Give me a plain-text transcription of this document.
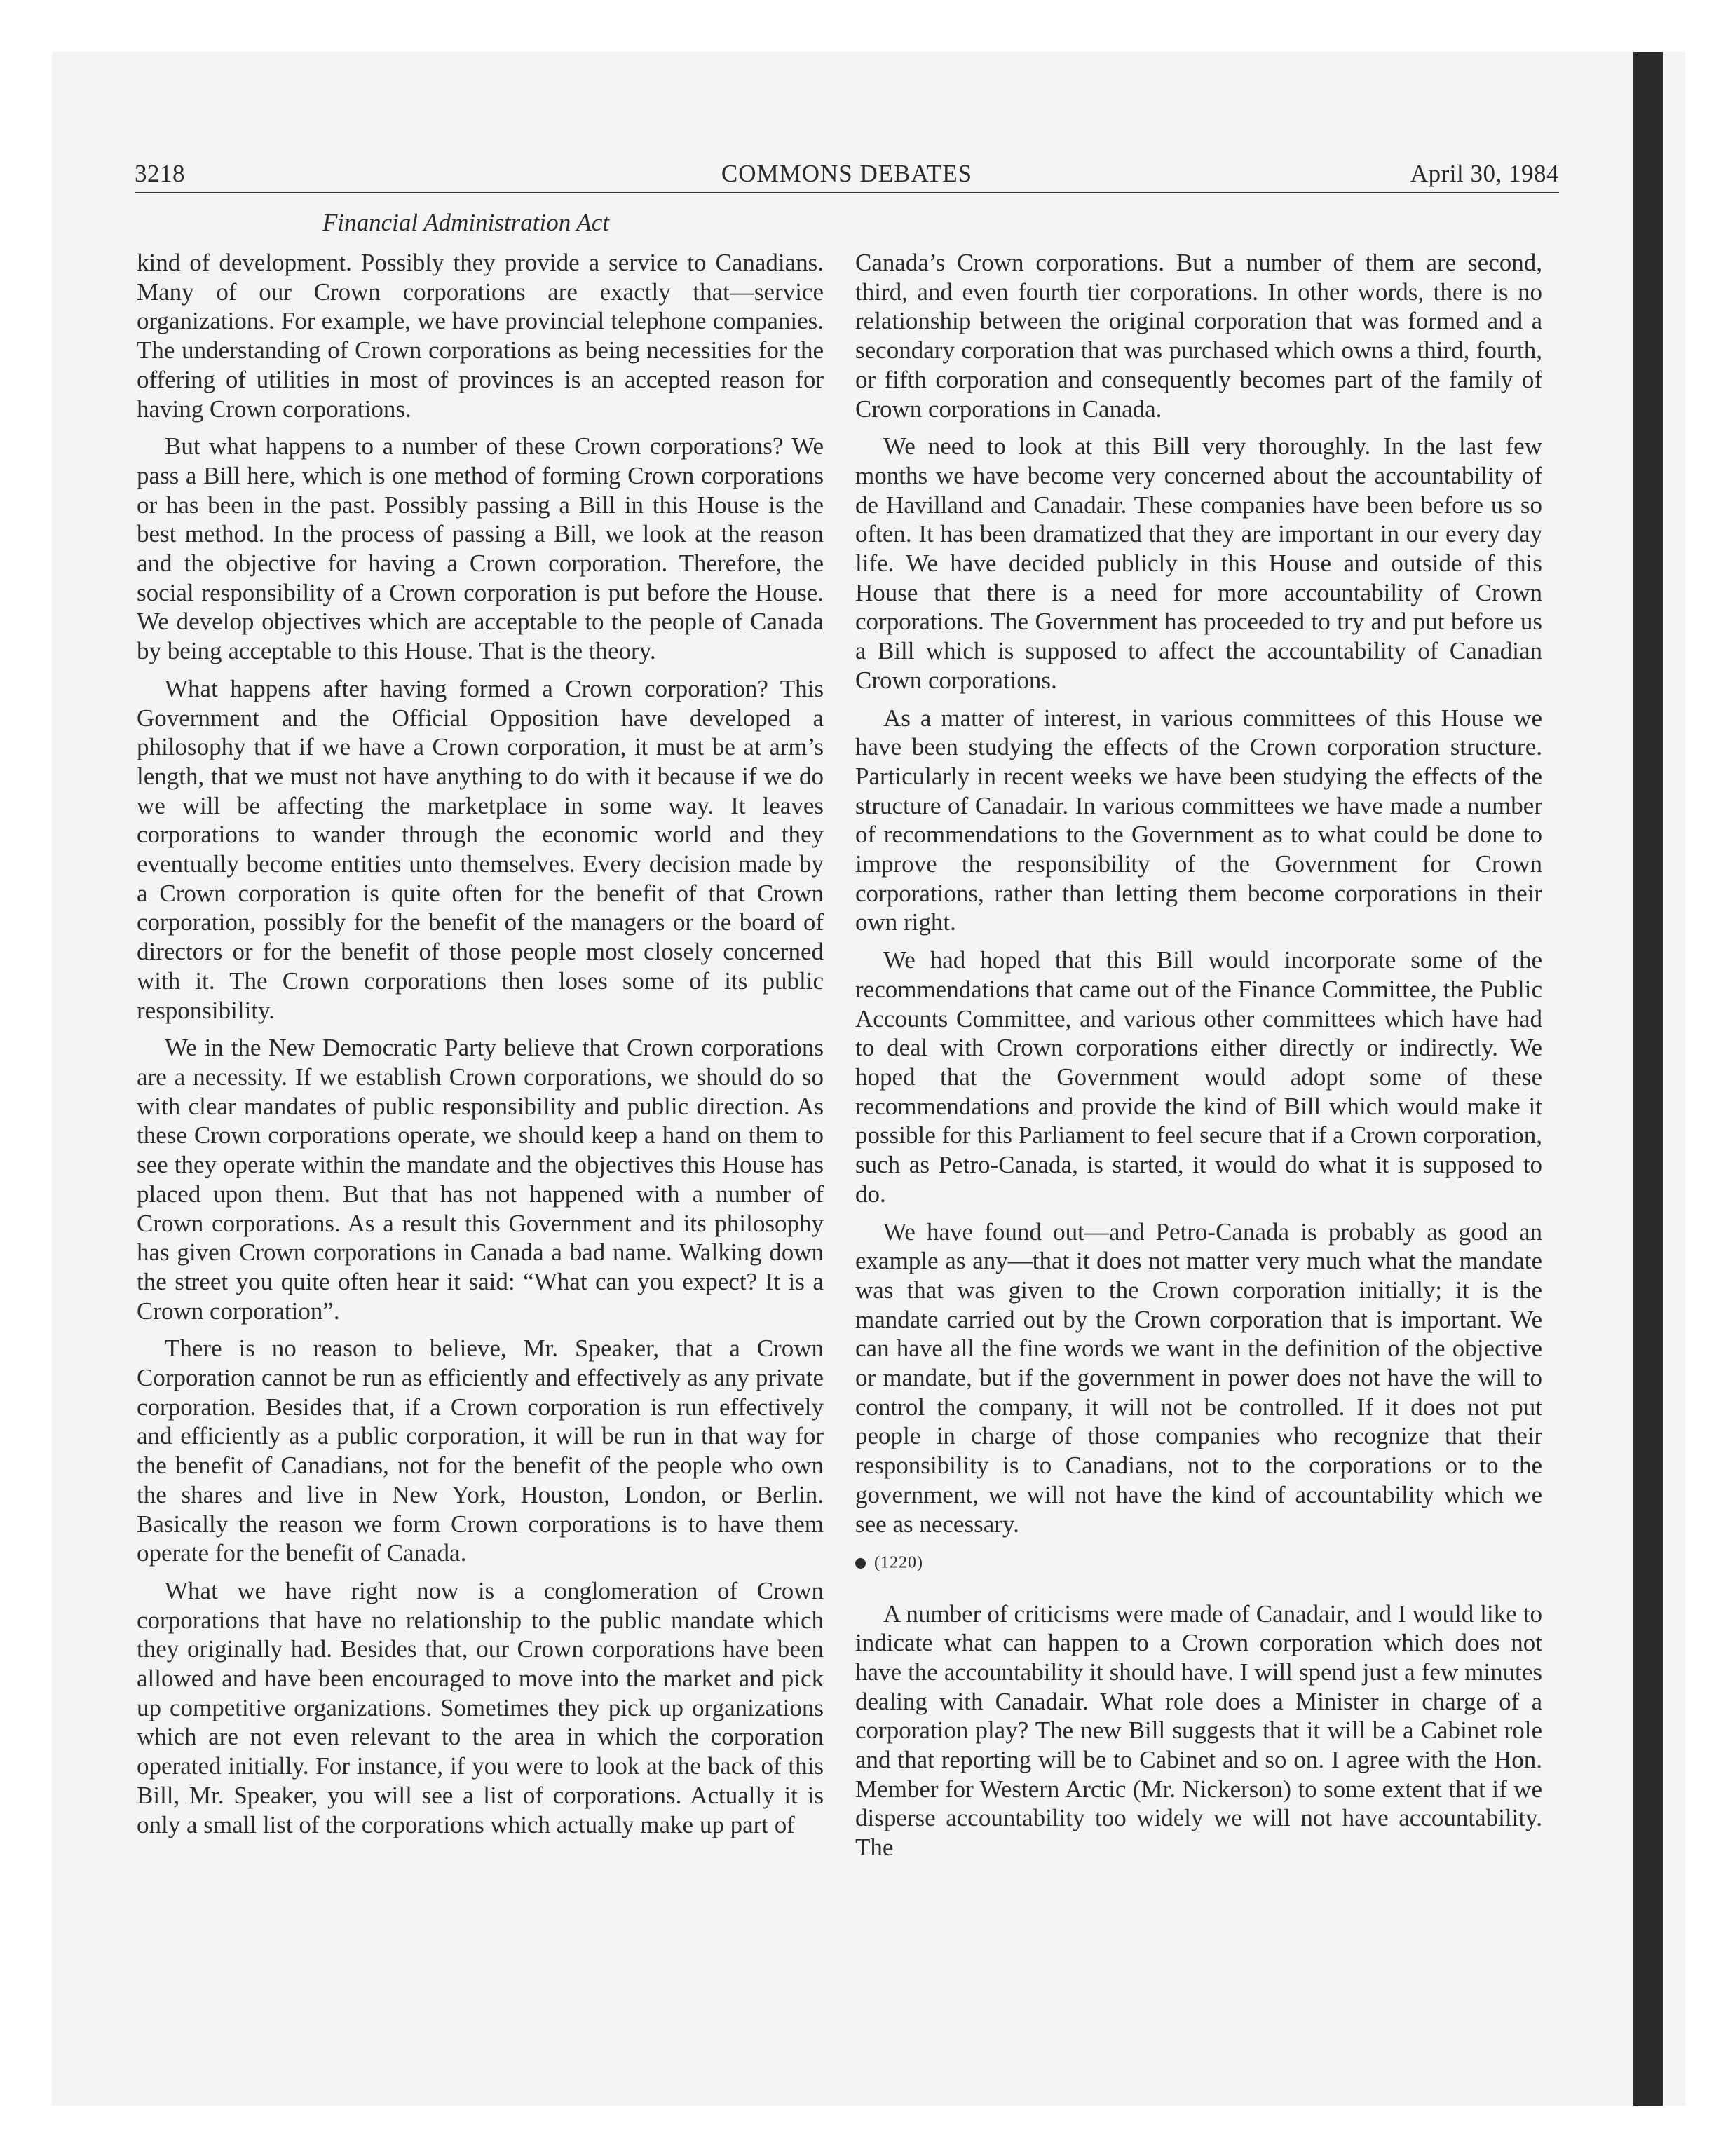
3218	COMMONS DEBATES	April 30, 1984
Financial Administration Act

kind of development. Possibly they provide a service to Canadians. Many of our Crown corporations are exactly that—service organizations. For example, we have provincial telephone companies. The understanding of Crown corporations as being necessities for the offering of utilities in most of provinces is an accepted reason for having Crown corporations.

But what happens to a number of these Crown corporations? We pass a Bill here, which is one method of forming Crown corporations or has been in the past. Possibly passing a Bill in this House is the best method. In the process of passing a Bill, we look at the reason and the objective for having a Crown corporation. Therefore, the social responsibility of a Crown corporation is put before the House. We develop objectives which are acceptable to the people of Canada by being acceptable to this House. That is the theory.

What happens after having formed a Crown corporation? This Government and the Official Opposition have developed a philosophy that if we have a Crown corporation, it must be at arm’s length, that we must not have anything to do with it because if we do we will be affecting the marketplace in some way. It leaves corporations to wander through the economic world and they eventually become entities unto themselves. Every decision made by a Crown corporation is quite often for the benefit of that Crown corporation, possibly for the benefit of the managers or the board of directors or for the benefit of those people most closely concerned with it. The Crown corporations then loses some of its public responsibility.

We in the New Democratic Party believe that Crown corporations are a necessity. If we establish Crown corporations, we should do so with clear mandates of public responsibility and public direction. As these Crown corporations operate, we should keep a hand on them to see they operate within the mandate and the objectives this House has placed upon them. But that has not happened with a number of Crown corporations. As a result this Government and its philosophy has given Crown corporations in Canada a bad name. Walking down the street you quite often hear it said: “What can you expect? It is a Crown corporation”.

There is no reason to believe, Mr. Speaker, that a Crown Corporation cannot be run as efficiently and effectively as any private corporation. Besides that, if a Crown corporation is run effectively and efficiently as a public corporation, it will be run in that way for the benefit of Canadians, not for the benefit of the people who own the shares and live in New York, Houston, London, or Berlin. Basically the reason we form Crown corporations is to have them operate for the benefit of Canada.

What we have right now is a conglomeration of Crown corporations that have no relationship to the public mandate which they originally had. Besides that, our Crown corporations have been allowed and have been encouraged to move into the market and pick up competitive organizations. Sometimes they pick up organizations which are not even relevant to the area in which the corporation operated initially. For instance, if you were to look at the back of this Bill, Mr. Speaker, you will see a list of corporations. Actually it is only a small list of the corporations which actually make up part of

Canada’s Crown corporations. But a number of them are second, third, and even fourth tier corporations. In other words, there is no relationship between the original corporation that was formed and a secondary corporation that was purchased which owns a third, fourth, or fifth corporation and consequently becomes part of the family of Crown corporations in Canada.

We need to look at this Bill very thoroughly. In the last few months we have become very concerned about the accountability of de Havilland and Canadair. These companies have been before us so often. It has been dramatized that they are important in our every day life. We have decided publicly in this House and outside of this House that there is a need for more accountability of Crown corporations. The Government has proceeded to try and put before us a Bill which is supposed to affect the accountability of Canadian Crown corporations.

As a matter of interest, in various committees of this House we have been studying the effects of the Crown corporation structure. Particularly in recent weeks we have been studying the effects of the structure of Canadair. In various committees we have made a number of recommendations to the Government as to what could be done to improve the responsibility of the Government for Crown corporations, rather than letting them become corporations in their own right.

We had hoped that this Bill would incorporate some of the recommendations that came out of the Finance Committee, the Public Accounts Committee, and various other committees which have had to deal with Crown corporations either directly or indirectly. We hoped that the Government would adopt some of these recommendations and provide the kind of Bill which would make it possible for this Parliament to feel secure that if a Crown corporation, such as Petro-Canada, is started, it would do what it is supposed to do.

We have found out—and Petro-Canada is probably as good an example as any—that it does not matter very much what the mandate was that was given to the Crown corporation initially; it is the mandate carried out by the Crown corporation that is important. We can have all the fine words we want in the definition of the objective or mandate, but if the government in power does not have the will to control the company, it will not be controlled. If it does not put people in charge of those companies who recognize that their responsibility is to Canadians, not to the corporations or to the government, we will not have the kind of accountability which we see as necessary.

(1220)

A number of criticisms were made of Canadair, and I would like to indicate what can happen to a Crown corporation which does not have the accountability it should have. I will spend just a few minutes dealing with Canadair. What role does a Minister in charge of a corporation play? The new Bill suggests that it will be a Cabinet role and that reporting will be to Cabinet and so on. I agree with the Hon. Member for Western Arctic (Mr. Nickerson) to some extent that if we disperse accountability too widely we will not have accountability. The
